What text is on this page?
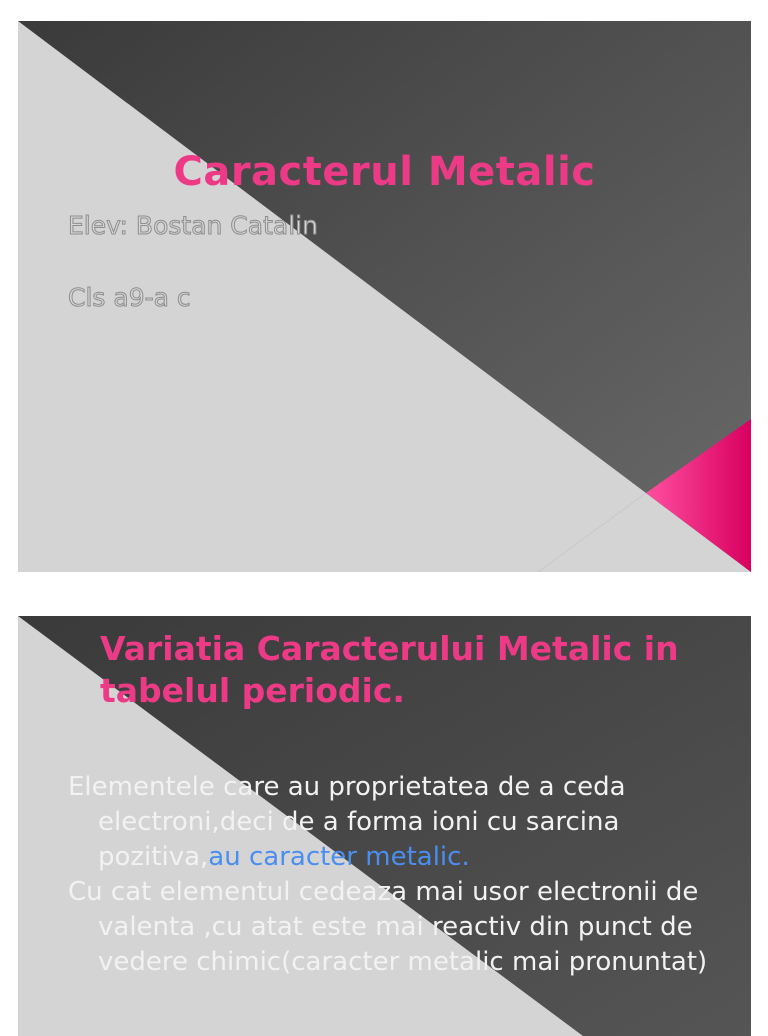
Caracterul Metalic
Elev: Bostan Catalin
Cls a9-a c
Variatia Caracterului Metalic in tabelul periodic.

Elementele care au proprietatea de a ceda electroni,deci de a forma ioni cu sarcina pozitiva,au caracter metalic.

Cu cat elementul cedeaza mai usor electronii de valenta ,cu atat este mai reactiv din punct de vedere chimic(caracter metalic mai pronuntat)
